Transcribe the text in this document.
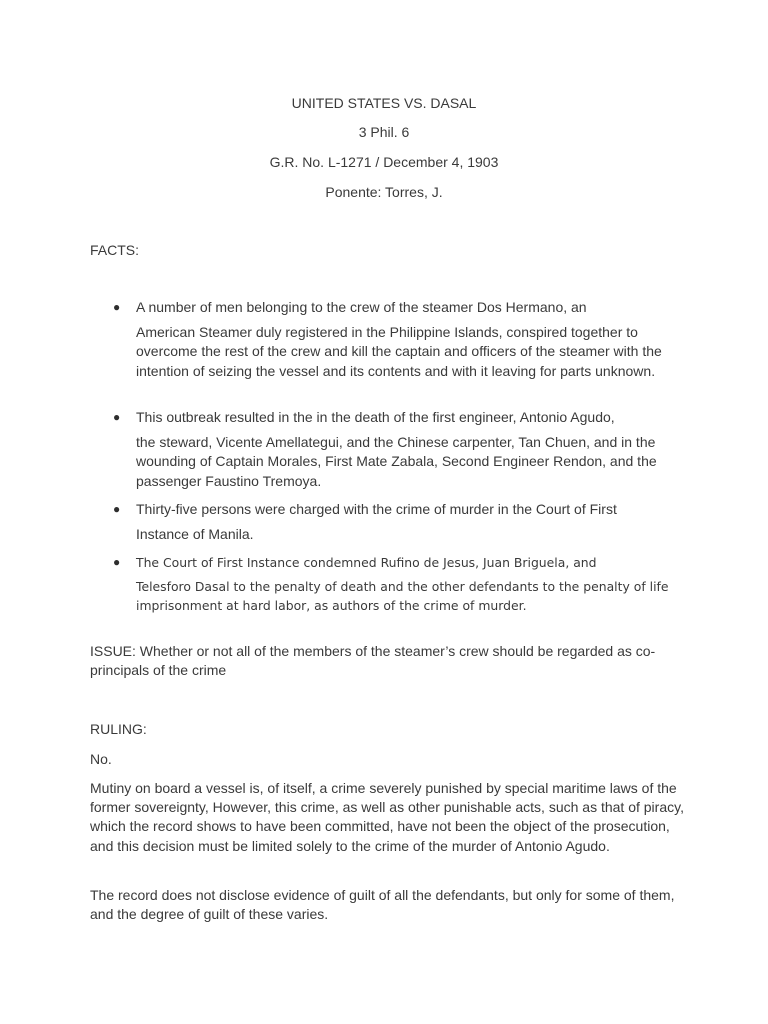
UNITED STATES VS. DASAL
3 Phil. 6
G.R. No. L-1271 / December 4, 1903
Ponente: Torres, J.
FACTS:
● A number of men belonging to the crew of the steamer Dos Hermano, an
American Steamer duly registered in the Philippine Islands, conspired together to overcome the rest of the crew and kill the captain and officers of the steamer with the intention of seizing the vessel and its contents and with it leaving for parts unknown.
● This outbreak resulted in the in the death of the first engineer, Antonio Agudo,
the steward, Vicente Amellategui, and the Chinese carpenter, Tan Chuen, and in the wounding of Captain Morales, First Mate Zabala, Second Engineer Rendon, and the passenger Faustino Tremoya.
● Thirty-five persons were charged with the crime of murder in the Court of First
Instance of Manila.
● The Court of First Instance condemned Rufino de Jesus, Juan Briguela, and
Telesforo Dasal to the penalty of death and the other defendants to the penalty of life imprisonment at hard labor, as authors of the crime of murder.
ISSUE: Whether or not all of the members of the steamer’s crew should be regarded as co-principals of the crime
RULING:
No.
Mutiny on board a vessel is, of itself, a crime severely punished by special maritime laws of the former sovereignty, However, this crime, as well as other punishable acts, such as that of piracy, which the record shows to have been committed, have not been the object of the prosecution, and this decision must be limited solely to the crime of the murder of Antonio Agudo.
The record does not disclose evidence of guilt of all the defendants, but only for some of them, and the degree of guilt of these varies.
